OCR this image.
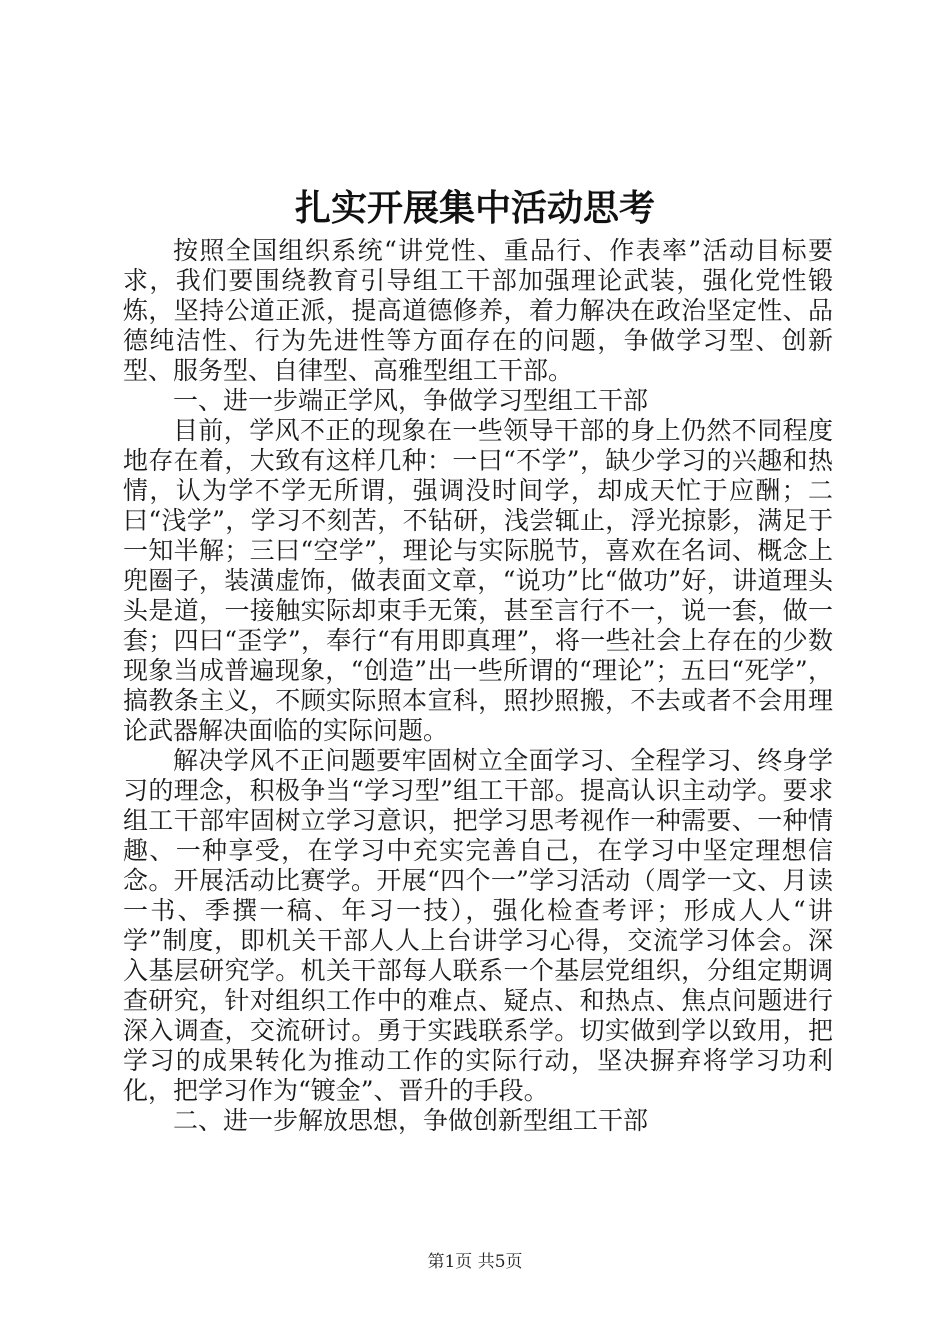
扎实开展集中活动思考

按照全国组织系统“讲党性、重品行、作表率”活动目标要求，我们要围绕教育引导组工干部加强理论武装，强化党性锻炼，坚持公道正派，提高道德修养，着力解决在政治坚定性、品德纯洁性、行为先进性等方面存在的问题，争做学习型、创新型、服务型、自律型、高雅型组工干部。

一、进一步端正学风，争做学习型组工干部

目前，学风不正的现象在一些领导干部的身上仍然不同程度地存在着，大致有这样几种：一曰“不学”，缺少学习的兴趣和热情，认为学不学无所谓，强调没时间学，却成天忙于应酬；二曰“浅学”，学习不刻苦，不钻研，浅尝辄止，浮光掠影，满足于一知半解；三曰“空学”，理论与实际脱节，喜欢在名词、概念上兜圈子，装潢虚饰，做表面文章，“说功”比“做功”好，讲道理头头是道，一接触实际却束手无策，甚至言行不一，说一套，做一套；四曰“歪学”，奉行“有用即真理”，将一些社会上存在的少数现象当成普遍现象，“创造”出一些所谓的“理论”；五曰“死学”，搞教条主义，不顾实际照本宣科，照抄照搬，不去或者不会用理论武器解决面临的实际问题。

解决学风不正问题要牢固树立全面学习、全程学习、终身学习的理念，积极争当“学习型”组工干部。提高认识主动学。要求组工干部牢固树立学习意识，把学习思考视作一种需要、一种情趣、一种享受，在学习中充实完善自己，在学习中坚定理想信念。开展活动比赛学。开展“四个一”学习活动（周学一文、月读一书、季撰一稿、年习一技），强化检查考评；形成人人“讲学”制度，即机关干部人人上台讲学习心得，交流学习体会。深入基层研究学。机关干部每人联系一个基层党组织，分组定期调查研究，针对组织工作中的难点、疑点、和热点、焦点问题进行深入调查，交流研讨。勇于实践联系学。切实做到学以致用，把学习的成果转化为推动工作的实际行动，坚决摒弃将学习功利化，把学习作为“镀金”、晋升的手段。

二、进一步解放思想，争做创新型组工干部

第1页 共5页
